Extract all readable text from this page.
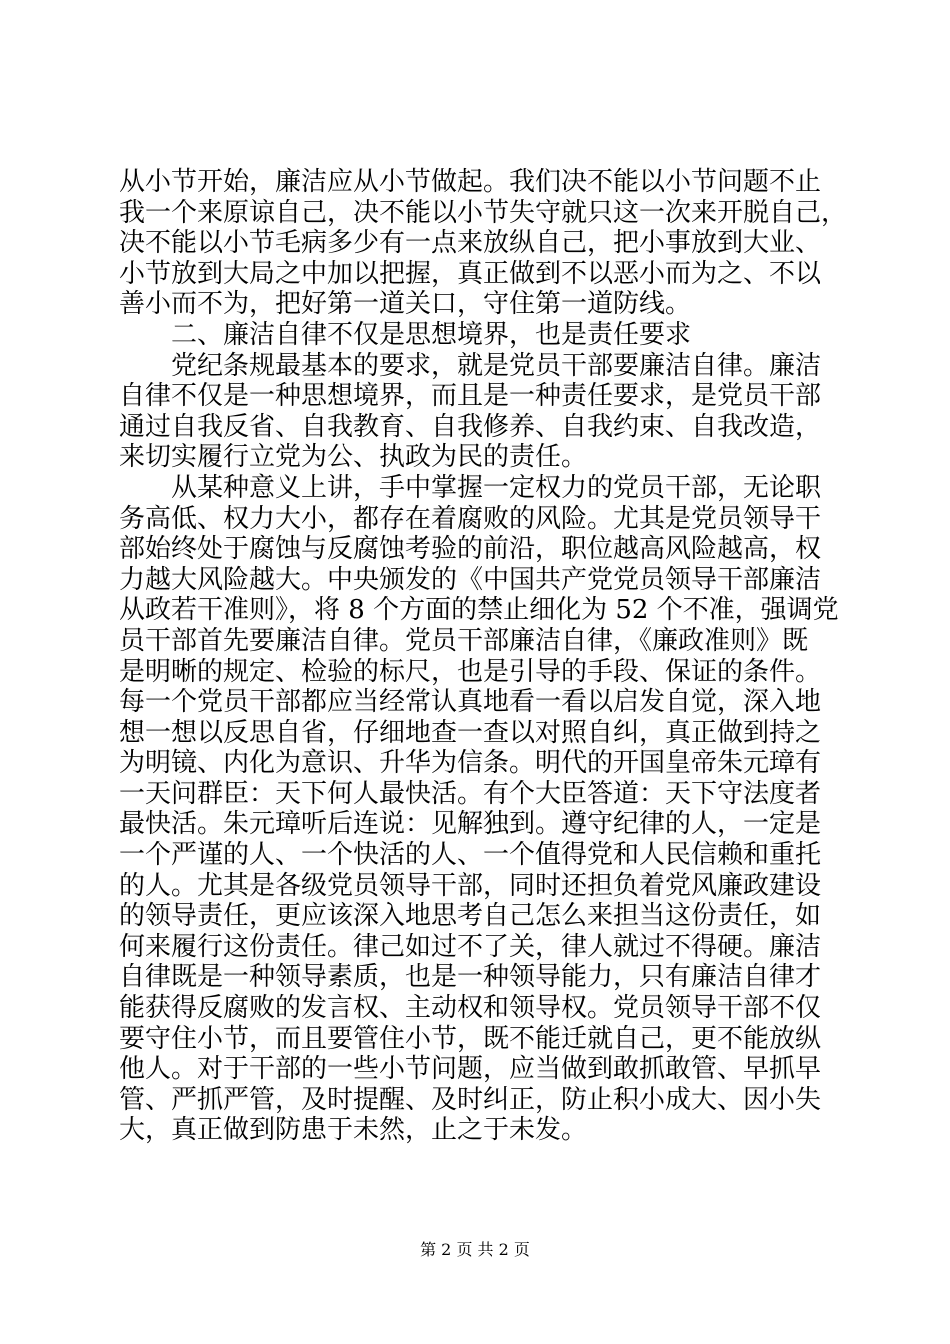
从小节开始，廉洁应从小节做起。我们决不能以小节问题不止
我一个来原谅自己，决不能以小节失守就只这一次来开脱自己，
决不能以小节毛病多少有一点来放纵自己，把小事放到大业、
小节放到大局之中加以把握，真正做到不以恶小而为之、不以
善小而不为，把好第一道关口，守住第一道防线。
二、廉洁自律不仅是思想境界，也是责任要求
党纪条规最基本的要求，就是党员干部要廉洁自律。廉洁
自律不仅是一种思想境界，而且是一种责任要求，是党员干部
通过自我反省、自我教育、自我修养、自我约束、自我改造，
来切实履行立党为公、执政为民的责任。
从某种意义上讲，手中掌握一定权力的党员干部，无论职
务高低、权力大小，都存在着腐败的风险。尤其是党员领导干
部始终处于腐蚀与反腐蚀考验的前沿，职位越高风险越高，权
力越大风险越大。中央颁发的《中国共产党党员领导干部廉洁
从政若干准则》，将 8 个方面的禁止细化为 52 个不准，强调党
员干部首先要廉洁自律。党员干部廉洁自律，《廉政准则》既
是明晰的规定、检验的标尺，也是引导的手段、保证的条件。
每一个党员干部都应当经常认真地看一看以启发自觉，深入地
想一想以反思自省，仔细地查一查以对照自纠，真正做到持之
为明镜、内化为意识、升华为信条。明代的开国皇帝朱元璋有
一天问群臣：天下何人最快活。有个大臣答道：天下守法度者
最快活。朱元璋听后连说：见解独到。遵守纪律的人，一定是
一个严谨的人、一个快活的人、一个值得党和人民信赖和重托
的人。尤其是各级党员领导干部，同时还担负着党风廉政建设
的领导责任，更应该深入地思考自己怎么来担当这份责任，如
何来履行这份责任。律己如过不了关，律人就过不得硬。廉洁
自律既是一种领导素质，也是一种领导能力，只有廉洁自律才
能获得反腐败的发言权、主动权和领导权。党员领导干部不仅
要守住小节，而且要管住小节，既不能迁就自己，更不能放纵
他人。对于干部的一些小节问题，应当做到敢抓敢管、早抓早
管、严抓严管，及时提醒、及时纠正，防止积小成大、因小失
大，真正做到防患于未然，止之于未发。
第 2 页 共 2 页
